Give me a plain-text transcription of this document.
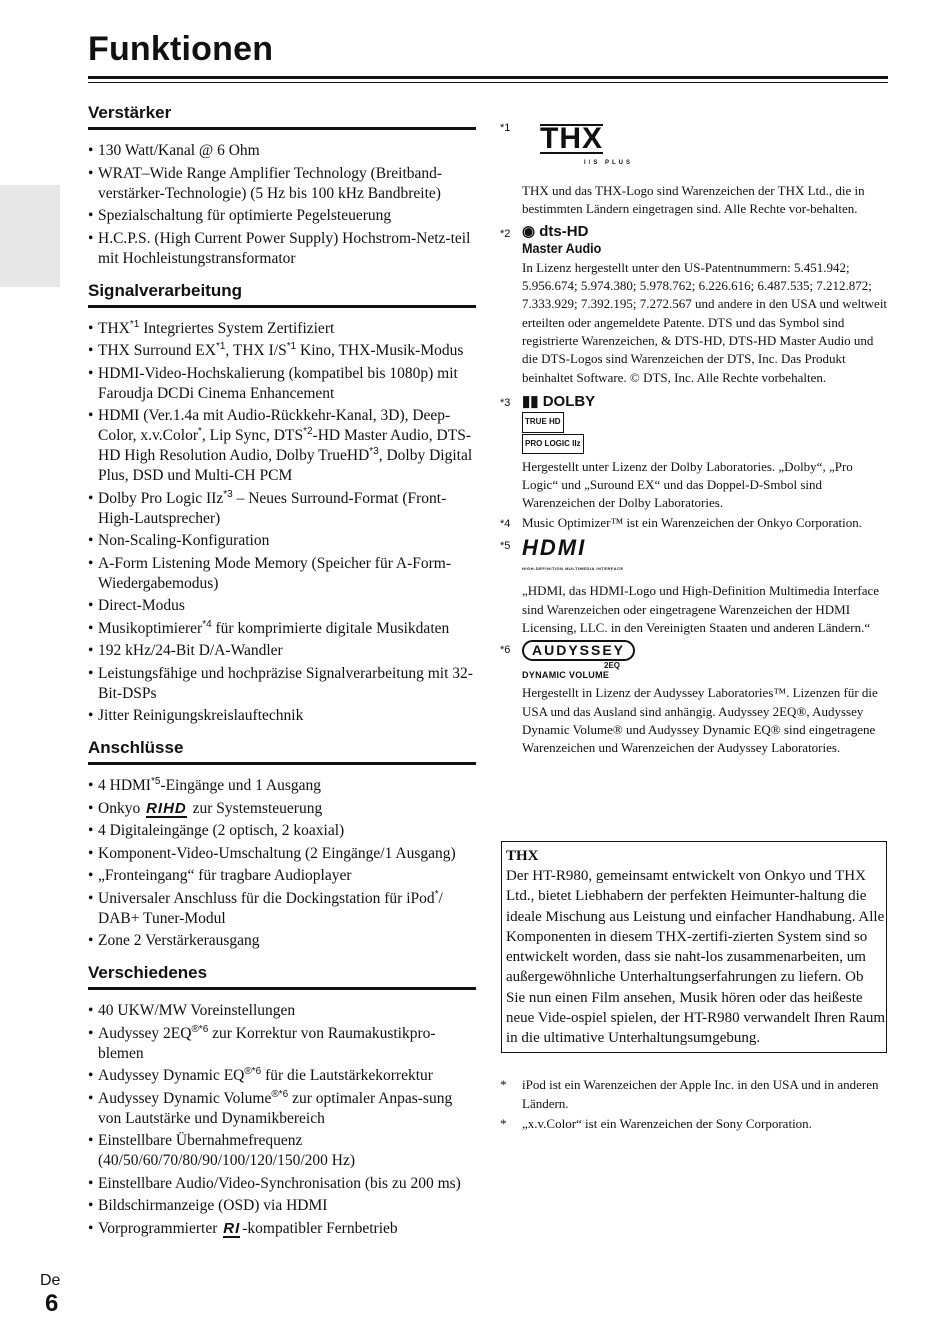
Funktionen
Verstärker
• 130 Watt/Kanal @ 6 Ohm
• WRAT–Wide Range Amplifier Technology (Breitband-verstärker-Technologie) (5 Hz bis 100 kHz Bandbreite)
• Spezialschaltung für optimierte Pegelsteuerung
• H.C.P.S. (High Current Power Supply) Hochstrom-Netz-teil mit Hochleistungstransformator
Signalverarbeitung
• THX$^{*1}$ Integriertes System Zertifiziert
• THX Surround EX$^{*1}$, THX $I/S^{*1}$ Kino, THX-Musik-Modus
• HDMI-Video-Hochskalierung (kompatibel bis 1080p) mit Faroudja DCDi Cinema Enhancement
• HDMI (Ver.1.4a mit Audio-Rückkehr-Kanal, 3D), Deep-Color, x.v.Color*, Lip Sync, DTS$^{*2}$-HD Master Audio, DTS-HD High Resolution Audio, Dolby TrueHD$^{*3}$, Dolby Digital Plus, DSD und Multi-CH PCM
• Dolby Pro Logic IIz$^{*3}$ – Neues Surround-Format (Front-High-Lautsprecher)
• Non-Scaling-Konfiguration
• A-Form Listening Mode Memory (Speicher für A-Form-Wiedergabemodus)
• Direct-Modus
• Musikoptimierer$^{*4}$ für komprimierte digitale Musikdaten
• 192 kHz/24-Bit D/A-Wandler
• Leistungsfähige und hochpräzise Signalverarbeitung mit 32-Bit-DSPs
• Jitter Reinigungskreislauftechnik
Anschlüsse
• 4 HDMI$^{*5}$-Eingänge und 1 Ausgang
• Onkyo RIHD zur Systemsteuerung
• 4 Digitaleingänge (2 optisch, 2 koaxial)
• Komponent-Video-Umschaltung (2 Eingänge/1 Ausgang)
• „Fronteingang“ für tragbare Audioplayer
• Universaler Anschluss für die Dockingstation für iPod*/ DAB+ Tuner-Modul
• Zone 2 Verstärkerausgang
Verschiedenes
• 40 UKW/MW Voreinstellungen
• Audyssey $2EQ^{®*6}$ zur Korrektur von Raumakustikpro-blemen
• Audyssey Dynamic $EQ^{®*6}$ für die Lautstärkekorrektur
• Audyssey Dynamic Volume$^{®*6}$ zur optimaler Anpas-sung von Lautstärke und Dynamikbereich
• Einstellbare Übernahmefrequenz (40/50/60/70/80/90/100/120/150/200 Hz)
• Einstellbare Audio/Video-Synchronisation (bis zu 200 ms)
• Bildschirmanzeige (OSD) via HDMI
• Vorprogrammierter RI -kompatibler Fernbetrieb
*1 THX
I/S PLUS
THX und das THX-Logo sind Warenzeichen der THX Ltd., die in bestimmten Ländern eingetragen sind. Alle Rechte vor-behalten.
*2 ◉ dts-HD
Master Audio
In Lizenz hergestellt unter den US-Patentnummern: 5.451.942; 5.956.674; 5.974.380; 5.978.762; 6.226.616; 6.487.535; 7.212.872; 7.333.929; 7.392.195; 7.272.567 und andere in den USA und weltweit erteilten oder angemeldete Patente. DTS und das Symbol sind registrierte Warenzeichen, & DTS-HD, DTS-HD Master Audio und die DTS-Logos sind Warenzeichen der DTS, Inc. Das Produkt beinhaltet Software. © DTS, Inc. Alle Rechte vorbehalten.
*3 ▮▮ DOLBY
TRUE HD
PRO LOGIC IIz
Hergestellt unter Lizenz der Dolby Laboratories. „Dolby“, „Pro Logic“ und „Suround EX“ und das Doppel-D-Smbol sind Warenzeichen der Dolby Laboratories.
*4 Music Optimizer™ ist ein Warenzeichen der Onkyo Corporation.
*5 HDMI
HIGH-DEFINITION MULTIMEDIA INTERFACE
„HDMI, das HDMI-Logo und High-Definition Multimedia Interface sind Warenzeichen oder eingetragene Warenzeichen der HDMI Licensing, LLC. in den Vereinigten Staaten und anderen Ländern.“
*6	AUDYSSEY
2EQ
DYNAMIC VOLUME
Hergestellt in Lizenz der Audyssey Laboratories™. Lizenzen für die USA und das Ausland sind anhängig. Audyssey 2EQ®, Audyssey Dynamic Volume® und Audyssey Dynamic EQ® sind eingetragene Warenzeichen und Warenzeichen der Audyssey Laboratories.
THX
Der HT-R980, gemeinsamt entwickelt von Onkyo und THX Ltd., bietet Liebhabern der perfekten Heimunter-haltung die ideale Mischung aus Leistung und einfacher Handhabung. Alle Komponenten in diesem THX-zertifi-zierten System sind so entwickelt worden, dass sie naht-los zusammenarbeiten, um außergewöhnliche Unterhaltungserfahrungen zu liefern. Ob Sie nun einen Film ansehen, Musik hören oder das heißeste neue Vide-ospiel spielen, der HT-R980 verwandelt Ihren Raum in die ultimative Unterhaltungsumgebung.
* iPod ist ein Warenzeichen der Apple Inc. in den USA und in anderen Ländern.
* „x.v.Color“ ist ein Warenzeichen der Sony Corporation.
De
6
